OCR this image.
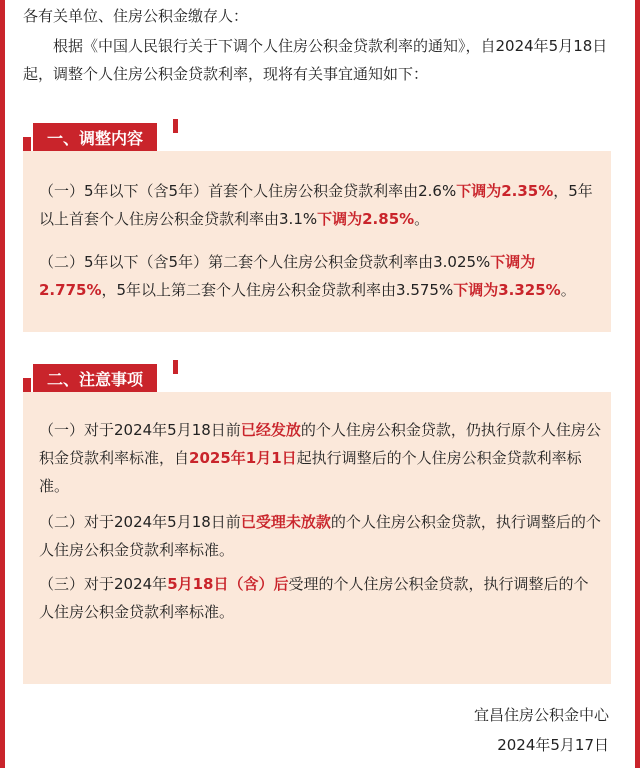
各有关单位、住房公积金缴存人：

根据《中国人民银行关于下调个人住房公积金贷款利率的通知》，自2024年5月18日起，调整个人住房公积金贷款利率，现将有关事宜通知如下：

一、调整内容

（一）5年以下（含5年）首套个人住房公积金贷款利率由2.6%下调为2.35%，5年以上首套个人住房公积金贷款利率由3.1%下调为2.85%。

（二）5年以下（含5年）第二套个人住房公积金贷款利率由3.025%下调为2.775%，5年以上第二套个人住房公积金贷款利率由3.575%下调为3.325%。

二、注意事项

（一）对于2024年5月18日前已经发放的个人住房公积金贷款，仍执行原个人住房公积金贷款利率标准，自2025年1月1日起执行调整后的个人住房公积金贷款利率标准。

（二）对于2024年5月18日前已受理未放款的个人住房公积金贷款，执行调整后的个人住房公积金贷款利率标准。

（三）对于2024年5月18日（含）后受理的个人住房公积金贷款，执行调整后的个人住房公积金贷款利率标准。

宜昌住房公积金中心
2024年5月17日
